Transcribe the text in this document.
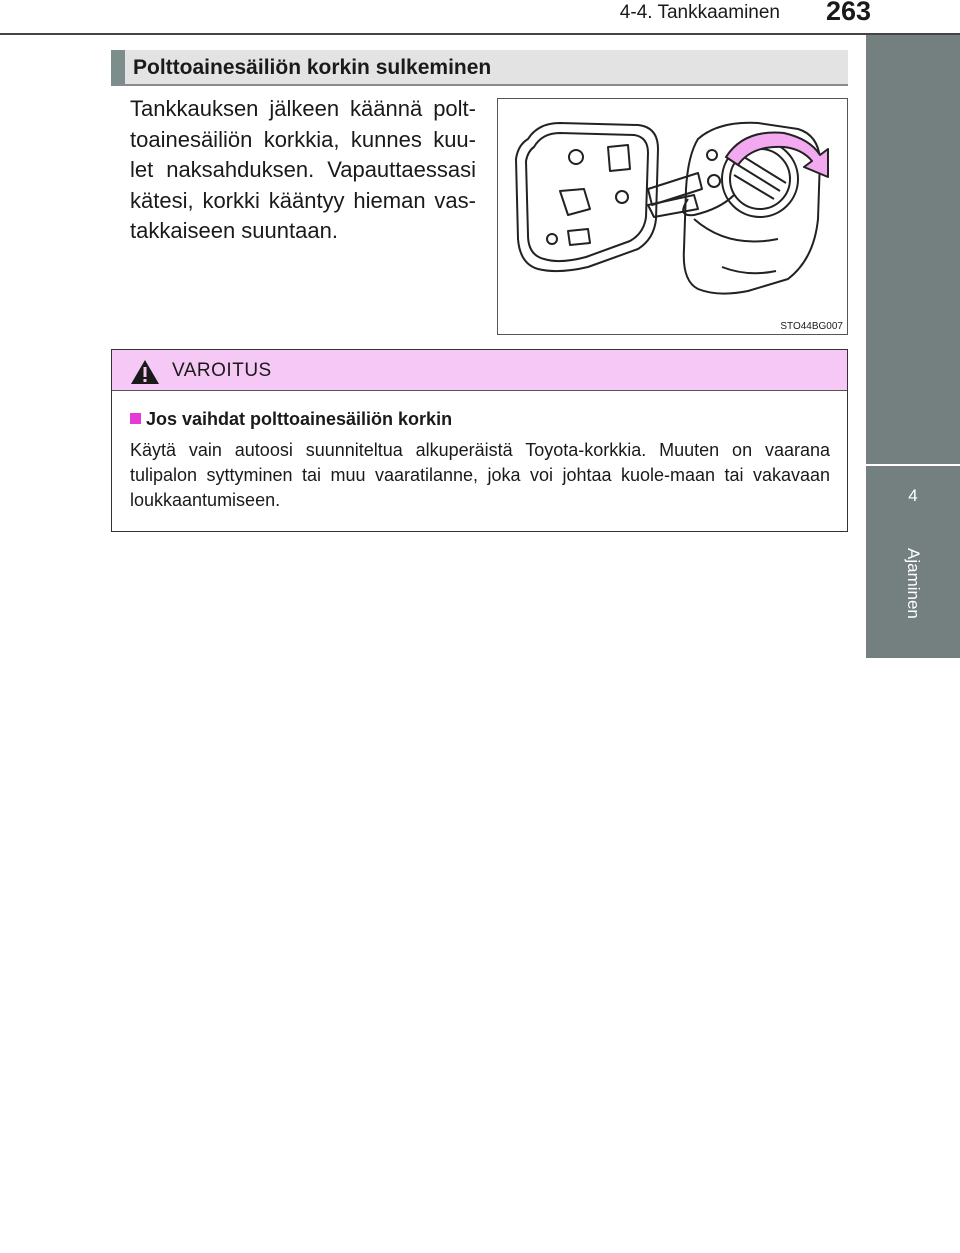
4-4. Tankkaaminen 263
4
Ajaminen
Polttoainesäiliön korkin sulkeminen
Tankkauksen jälkeen käännä polt-toainesäiliön korkkia, kunnes kuu-let naksahduksen. Vapauttaessasi kätesi, korkki kääntyy hieman vas-takkaiseen suuntaan.
STO44BG007
VAROITUS
Jos vaihdat polttoainesäiliön korkin
Käytä vain autoosi suunniteltua alkuperäistä Toyota-korkkia. Muuten on vaarana tulipalon syttyminen tai muu vaaratilanne, joka voi johtaa kuole-maan tai vakavaan loukkaantumiseen.
